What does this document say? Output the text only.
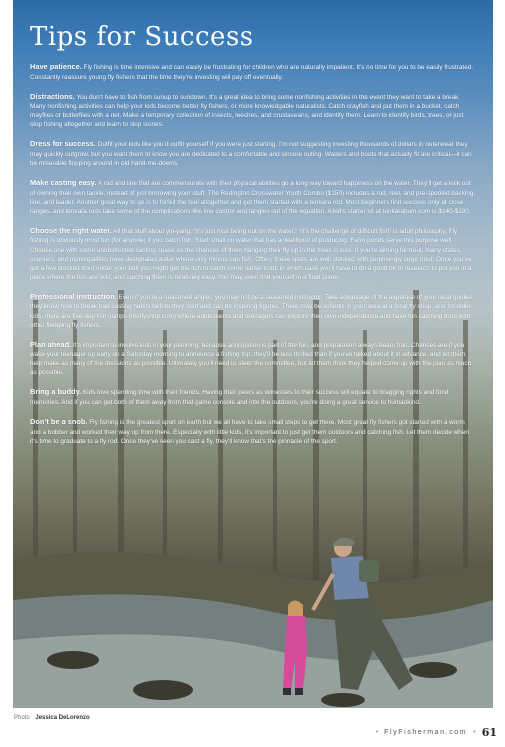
Tips for Success

Have patience. Fly fishing is time intensive and can easily be frustrating for children who are naturally impatient. It’s no time for you to be easily frustrated. Constantly reassure young fly fishers that the time they’re investing will pay off eventually.

Distractions. You don’t have to fish from sunup to sundown. It’s a great idea to bring some nonfishing activities in the event they want to take a break. Many nonfishing activities can help your kids become better fly fishers, or more knowledgable naturalists. Catch crayfish and put them in a bucket, catch mayflies or butterflies with a net. Make a temporary collection of insects, leeches, and crustaceans, and identify them. Learn to identify birds, trees, or just stop fishing altogether and learn to skip stones.

Dress for success. Outfit your kids like you’d outfit yourself if you were just starting. I’m not suggesting investing thousands of dollars in outerwear they may quickly outgrow, but you want them to know you are dedicated to a comfortable and sincere outing. Waders and boots that actually fit are critical—it can be miserable flopping around in old hand-me-downs.

Make casting easy. A rod and line that are commensurate with their physical abilities go a long way toward happiness on the water. They’ll get a kick out of owning their own tackle, instead of just borrowing your stuff. The Redington Crosswater Youth Combo ($150) includes a rod, reel, and pre-spooled backing, line, and leader. Another great way to go is to forfeit the reel altogether and get them started with a tenkara rod. Most beginners find success only at close ranges, and tenkara rods take some of the complications like line control and tangles out of the equation. A kid’s starter kit at tenkarabum.com is $140-$190.

Choose the right water. All that stuff about yin-yang, “it’s just nice being out on the water,” “it’s the challenge of difficult fish” is adult philosophy. Fly fishing is obviously most fun (for anyone) if you catch fish. Start small on water that has a likelihood of producing. Farm ponds serve this purpose well. Choose one with some unobstructed casting space so the chances of them hanging their fly up in the trees is less. If you’re aiming for trout, many states, counties, and municipalities have designated water where only minors can fish. Often, these spots are well stocked with surprisingly large trout. Once you’ve got a few stocked trout under your belt you might get the itch to catch some native trout, in which case you’ll have to do a good bit of research to put you in a place where the fish are wild, and catching them is relatively easy. You may even find yourself in a float plane.

Professional instruction. Even if you’re a seasoned angler, you may not be a seasoned instructor. Take advantage of the expertise of your local guides; they know how to break bad casting habits before they start and can be inspiring figures. There may be schools in your area at a local fly shop, and for older kids, there are five-day fish camps (theflyshop.com) where adolescents and teenagers can explore their own independence and have fun catching trout with other fledgling fly fishers.

Plan ahead. It’s important to involve kids in your planning, because anticipation is part of the fun, and preparation always bears fruit. Chances are if you wake your teenager up early on a Saturday morning to announce a fishing trip, they’ll be less thrilled than if you’ve talked about it in advance, and let them help make as many of the decisions as possible. Ultimately you’ll need to steer the committee, but let them think they helped come up with the plan as much as possible.

Bring a buddy. Kids love spending time with their friends. Having their peers as witnesses to their success will equate to bragging rights and fond memories. And if you can get both of them away from that game console and into the outdoors, you’re doing a great service to humankind.

Don’t be a snob. Fly fishing is the greatest sport on earth but we all have to take small steps to get there. Most great fly fishers got started with a worm and a bobber and worked their way up from there. Especially with little kids, it’s important to just get them outdoors and catching fish. Let them decide when it’s time to graduate to a fly rod. Once they’ve seen you cast a fly, they’ll know that’s the pinnacle of the sport.

Photo Jessica DeLorenzo
• FlyFisherman.com • 61
